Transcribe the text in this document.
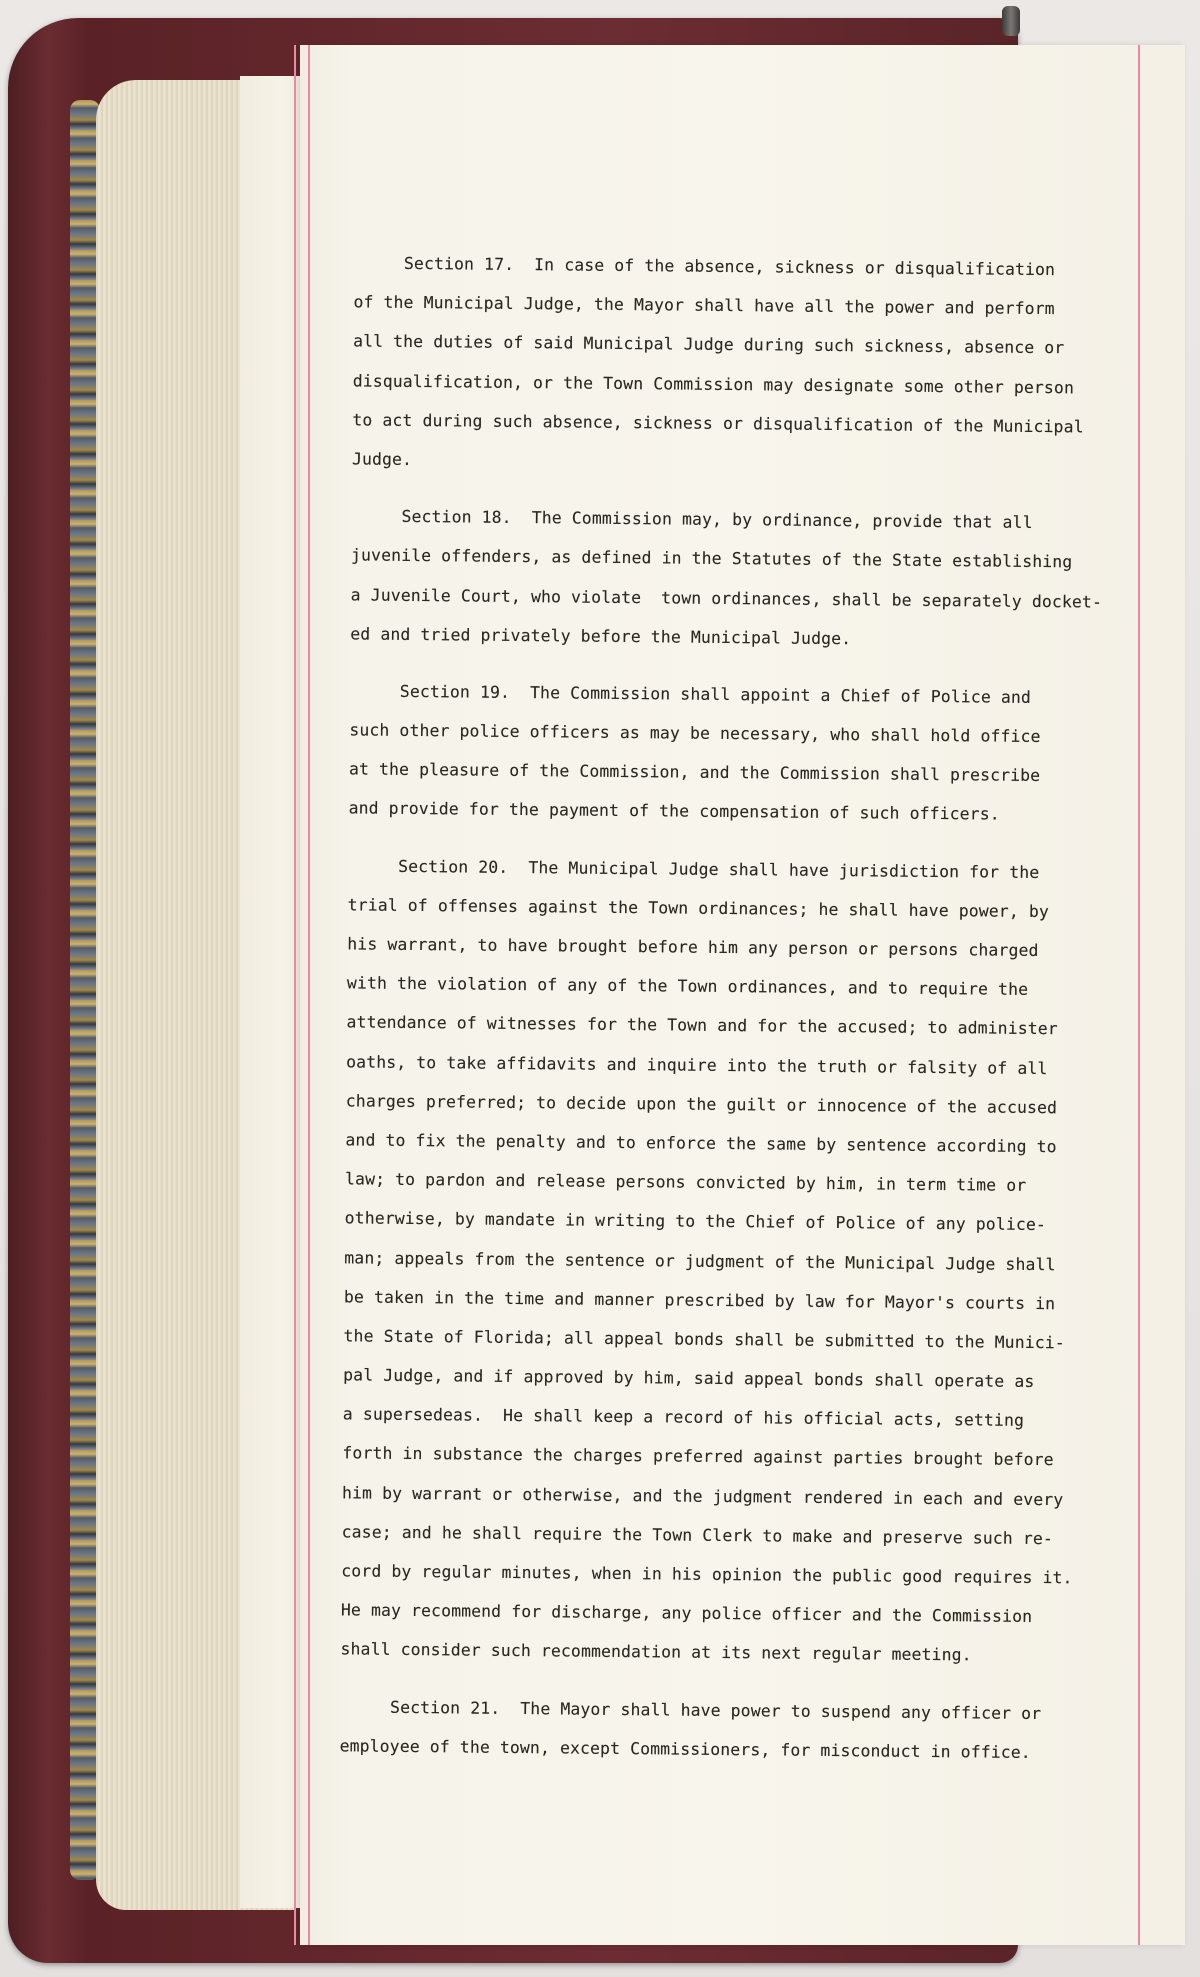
Section 17.  In case of the absence, sickness or disqualification
of the Municipal Judge, the Mayor shall have all the power and perform
all the duties of said Municipal Judge during such sickness, absence or
disqualification, or the Town Commission may designate some other person
to act during such absence, sickness or disqualification of the Municipal
Judge.
Section 18.  The Commission may, by ordinance, provide that all
juvenile offenders, as defined in the Statutes of the State establishing
a Juvenile Court, who violate  town ordinances, shall be separately docket-
ed and tried privately before the Municipal Judge.
Section 19.  The Commission shall appoint a Chief of Police and
such other police officers as may be necessary, who shall hold office
at the pleasure of the Commission, and the Commission shall prescribe
and provide for the payment of the compensation of such officers.
Section 20.  The Municipal Judge shall have jurisdiction for the
trial of offenses against the Town ordinances; he shall have power, by
his warrant, to have brought before him any person or persons charged
with the violation of any of the Town ordinances, and to require the
attendance of witnesses for the Town and for the accused; to administer
oaths, to take affidavits and inquire into the truth or falsity of all
charges preferred; to decide upon the guilt or innocence of the accused
and to fix the penalty and to enforce the same by sentence according to
law; to pardon and release persons convicted by him, in term time or
otherwise, by mandate in writing to the Chief of Police of any police-
man; appeals from the sentence or judgment of the Municipal Judge shall
be taken in the time and manner prescribed by law for Mayor's courts in
the State of Florida; all appeal bonds shall be submitted to the Munici-
pal Judge, and if approved by him, said appeal bonds shall operate as
a supersedeas.  He shall keep a record of his official acts, setting
forth in substance the charges preferred against parties brought before
him by warrant or otherwise, and the judgment rendered in each and every
case; and he shall require the Town Clerk to make and preserve such re-
cord by regular minutes, when in his opinion the public good requires it.
He may recommend for discharge, any police officer and the Commission
shall consider such recommendation at its next regular meeting.
Section 21.  The Mayor shall have power to suspend any officer or
employee of the town, except Commissioners, for misconduct in office.
